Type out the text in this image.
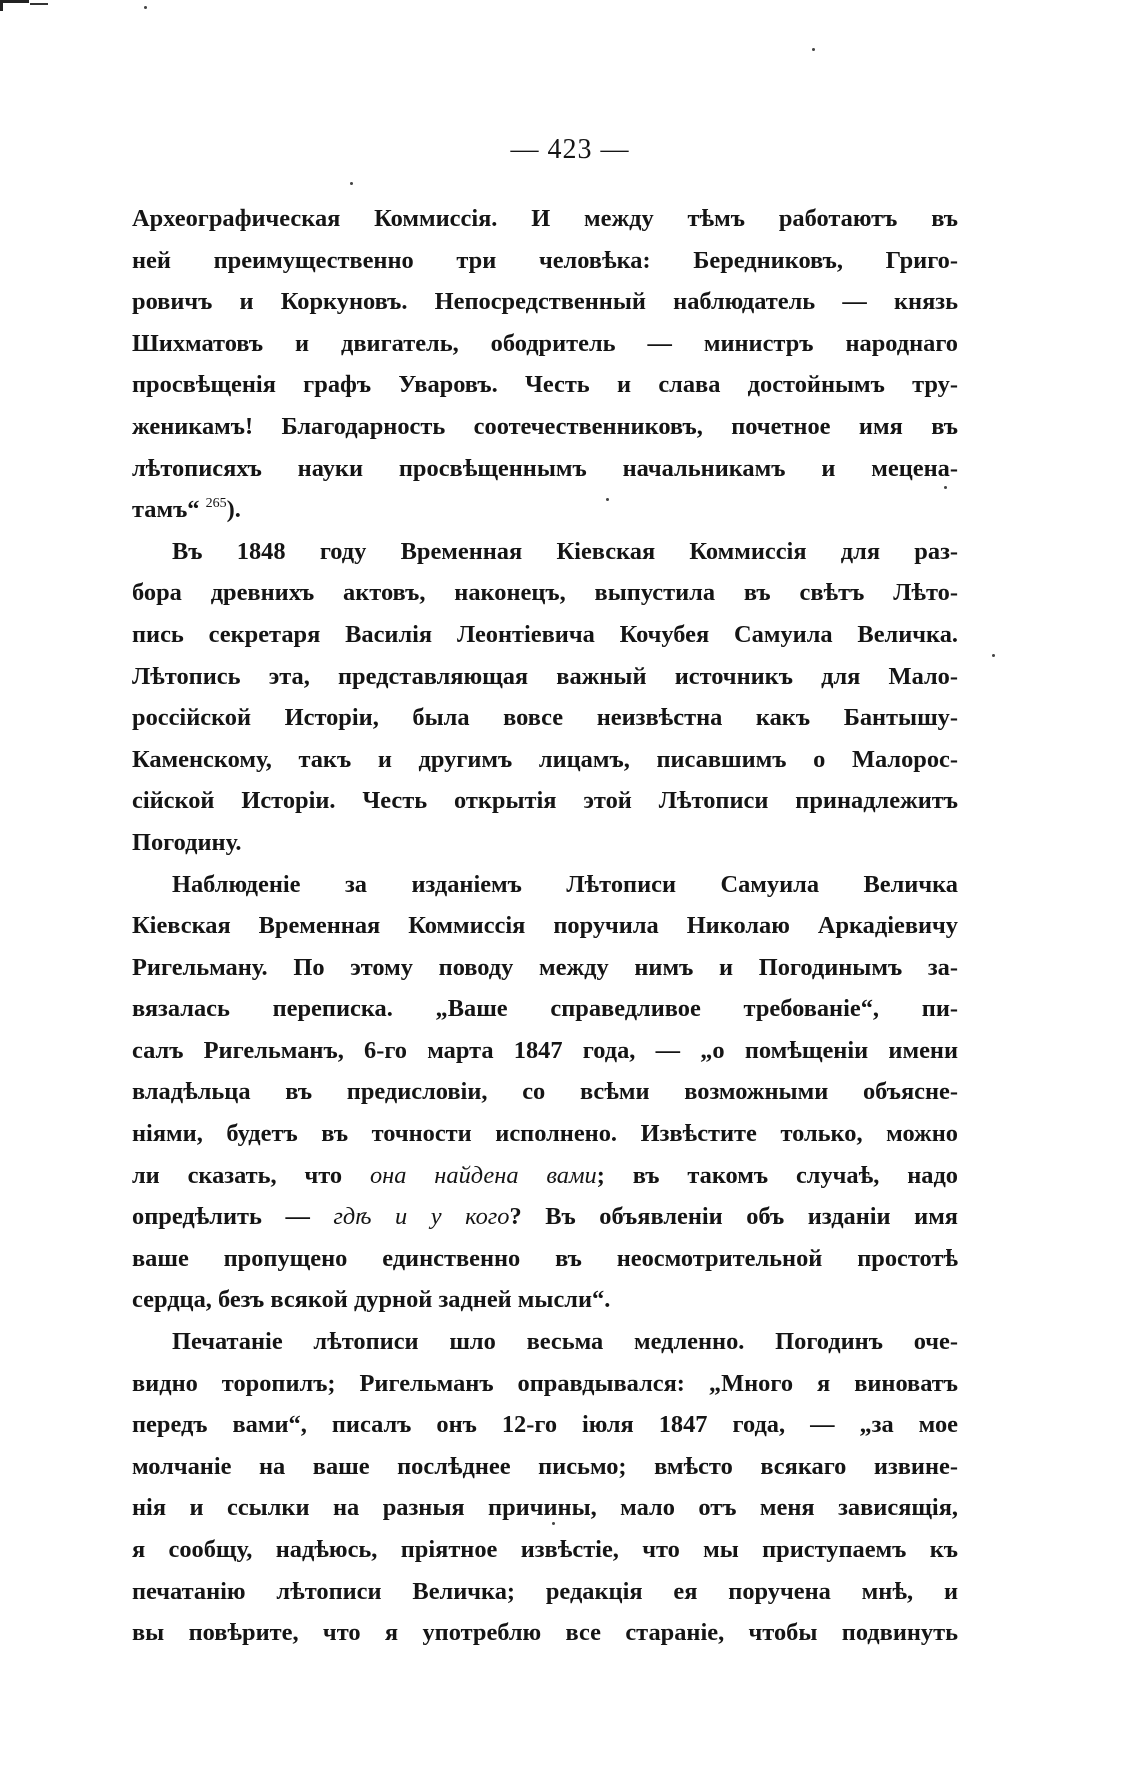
— 423 —
Археографическая Коммиссія. И между тѣмъ работаютъ въ
ней преимущественно три человѣка: Бередниковъ, Григо-
ровичъ и Коркуновъ. Непосредственный наблюдатель — князь
Шихматовъ и двигатель, ободритель — министръ народнаго
просвѣщенія графъ Уваровъ. Честь и слава достойнымъ тру-
женикамъ! Благодарность соотечественниковъ, почетное имя въ
лѣтописяхъ науки просвѣщеннымъ начальникамъ и мецена-
тамъ“ $^{265}$).
Въ 1848 году Временная Кіевская Коммиссія для раз-
бора древнихъ актовъ, наконецъ, выпустила въ свѣтъ Лѣто-
пись секретаря Василія Леонтіевича Кочубея Самуила Величка.
Лѣтопись эта, представляющая важный источникъ для Мало-
россійской Исторіи, была вовсе неизвѣстна какъ Бантышу-
Каменскому, такъ и другимъ лицамъ, писавшимъ о Малорос-
сійской Исторіи. Честь открытія этой Лѣтописи принадлежитъ
Погодину.
Наблюденіе за изданіемъ Лѣтописи Самуила Величка
Кіевская Временная Коммиссія поручила Николаю Аркадіевичу
Ригельману. По этому поводу между нимъ и Погодинымъ за-
вязалась переписка. „Ваше справедливое требованіе“, пи-
салъ Ригельманъ, 6-го марта 1847 года, — „о помѣщеніи имени
владѣльца въ предисловіи, со всѣми возможными объясне-
ніями, будетъ въ точности исполнено. Извѣстите только, можно
ли сказать, что она найдена вами; въ такомъ случаѣ, надо
опредѣлить — гдѣ и у кого? Въ объявленіи объ изданіи имя
ваше пропущено единственно въ неосмотрительной простотѣ
сердца, безъ всякой дурной задней мысли“.
Печатаніе лѣтописи шло весьма медленно. Погодинъ оче-
видно торопилъ; Ригельманъ оправдывался: „Много я виноватъ
передъ вами“, писалъ онъ 12-го іюля 1847 года, — „за мое
молчаніе на ваше послѣднее письмо; вмѣсто всякаго извине-
нія и ссылки на разныя причины, мало отъ меня зависящія,
я сообщу, надѣюсь, пріятное извѣстіе, что мы приступаемъ къ
печатанію лѣтописи Величка; редакція ея поручена мнѣ, и
вы повѣрите, что я употреблю все стараніе, чтобы подвинуть
